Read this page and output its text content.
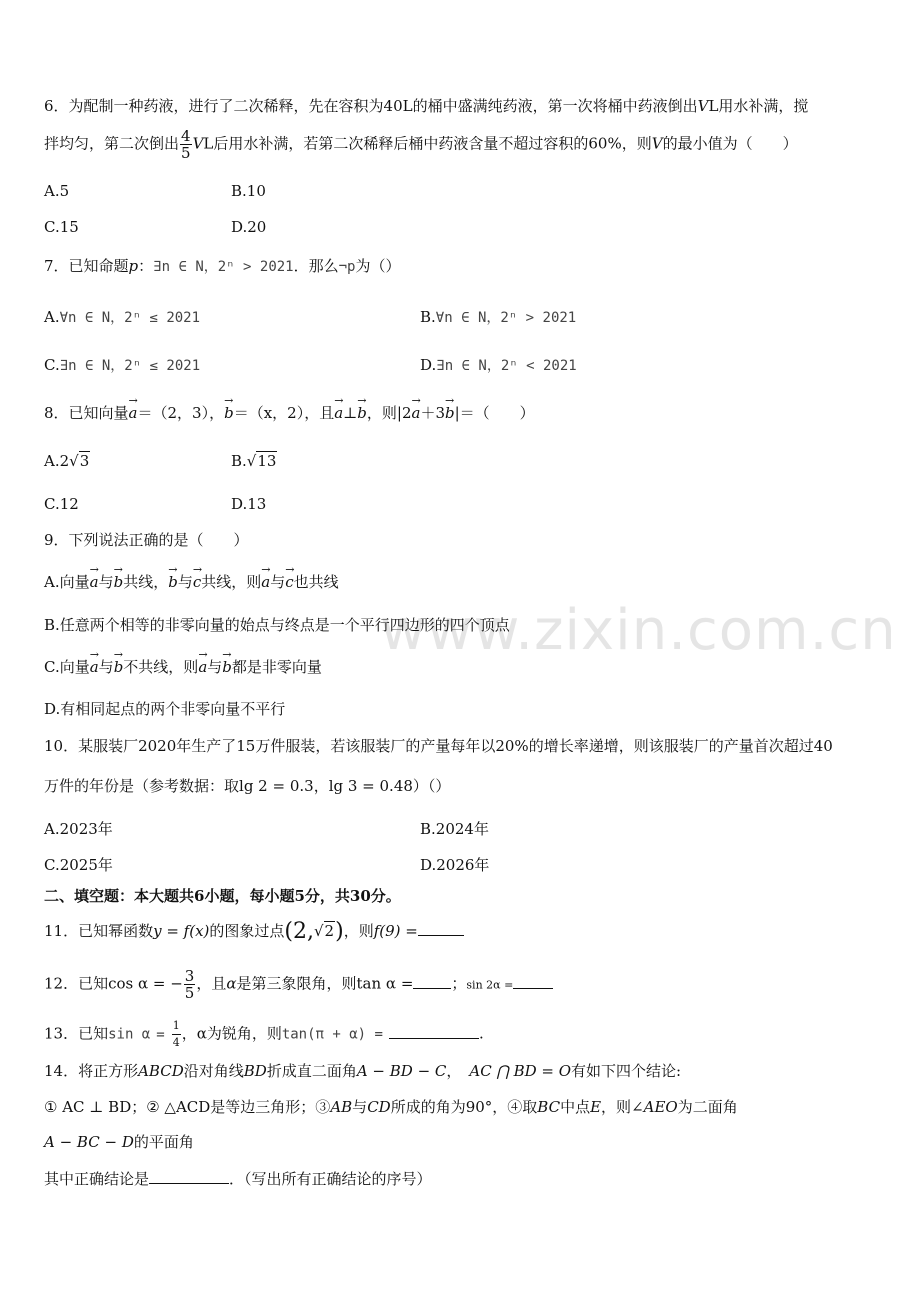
www.zixin.com.cn
6．为配制一种药液，进行了二次稀释，先在容积为40L的桶中盛满纯药液，第一次将桶中药液倒出VL用水补满，搅
拌均匀，第二次倒出 $\frac{4}{5}$ VL后用水补满，若第二次稀释后桶中药液含量不超过容积的60%，则V的最小值为（　　）
A.5	B.10
C.15	D.20
7．已知命题p：∃n ∈ N，2ⁿ > 2021．那么¬p为（）
A.∀n ∈ N，2ⁿ ≤ 2021	B.∀n ∈ N，2ⁿ > 2021
C.∃n ∈ N，2ⁿ ≤ 2021	D.∃n ∈ N，2ⁿ < 2021
8．已知向量→ a＝（2，3），→ b＝（x，2），且→ a⊥→ b，则|2→ a＋3→ b|＝（　　）
A.2√3	B.√13
C.12	D.13
9．下列说法正确的是（　　）
A.向量→ a与→ b共线，→ b与→ c共线，则→ a与→ c也共线
B.任意两个相等的非零向量的始点与终点是一个平行四边形的四个顶点
C.向量→ a与→ b不共线，则→ a与→ b都是非零向量
D.有相同起点的两个非零向量不平行
10．某服装厂2020年生产了15万件服装，若该服装厂的产量每年以20%的增长率递增，则该服装厂的产量首次超过40
万件的年份是（参考数据：取lg 2 = 0.3，lg 3 = 0.48）（）
A.2023年	B.2024年
C.2025年	D.2026年
二、填空题：本大题共6小题，每小题5分，共30分。
11．已知幂函数y = f(x)的图象过点(2,√2)，则f(9) =
12．已知cos α = − $\frac{3}{5}$ ，且α是第三象限角，则tan α =	；sin 2α =
13．已知$\sin \alpha = \frac{1}{4}$ ，α为锐角，则tan(π + α) =	.
14．将正方形ABCD沿对角线BD折成直二面角A − BD − C， AC ⋂ BD = O有如下四个结论:
① AC ⊥ BD；② △ACD是等边三角形；③AB与CD所成的角为90°，④取BC中点E，则∠AEO为二面角
A − BC − D的平面角
其中正确结论是	．（写出所有正确结论的序号）
